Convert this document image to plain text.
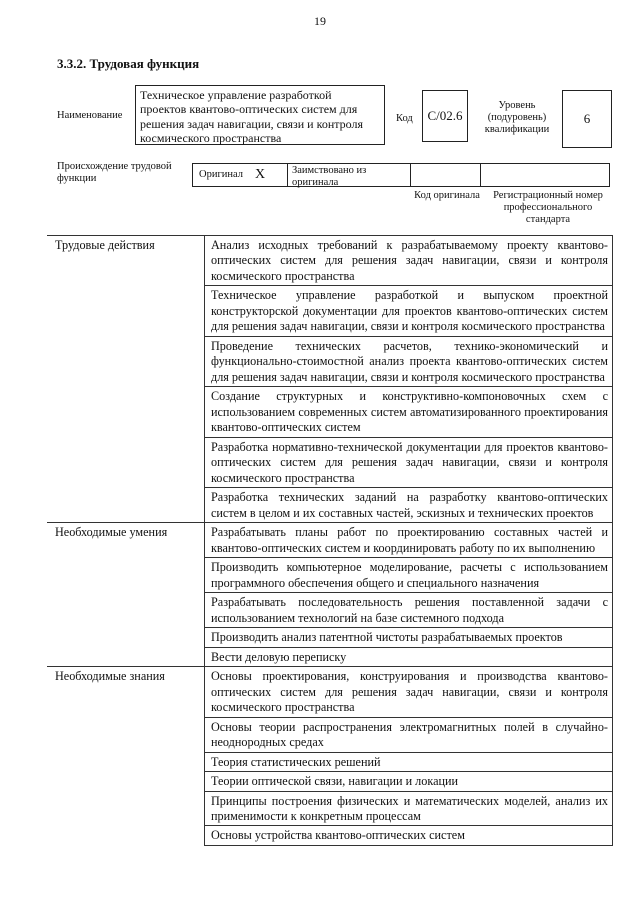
19
3.3.2. Трудовая функция
Наименование
Техническое управление разработкой проектов квантово-оптических систем для решения задач навигации, связи и контроля космического пространства
Код С/02.6
Уровень (подуровень) квалификации
6
Происхождение трудовой функции	Оригинал X	Заимствовано из оригинала
Код оригинала	Регистрационный номер профессионального стандарта
Трудовые действия	Анализ исходных требований к разрабатываемому проекту квантово-оптических систем для решения задач навигации, связи и контроля космического пространства
	Техническое управление разработкой и выпуском проектной конструкторской документации для проектов квантово-оптических систем для решения задач навигации, связи и контроля космического пространства
	Проведение технических расчетов, технико-экономический и функционально-стоимостной анализ проекта квантово-оптических систем для решения задач навигации, связи и контроля космического пространства
	Создание структурных и конструктивно-компоновочных схем с использованием современных систем автоматизированного проектирования квантово-оптических систем
	Разработка нормативно-технической документации для проектов квантово-оптических систем для решения задач навигации, связи и контроля космического пространства
	Разработка технических заданий на разработку квантово-оптических систем в целом и их составных частей, эскизных и технических проектов
Необходимые умения	Разрабатывать планы работ по проектированию составных частей и квантово-оптических систем и координировать работу по их выполнению
	Производить компьютерное моделирование, расчеты с использованием программного обеспечения общего и специального назначения
	Разрабатывать последовательность решения поставленной задачи с использованием технологий на базе системного подхода
	Производить анализ патентной чистоты разрабатываемых проектов
	Вести деловую переписку
Необходимые знания	Основы проектирования, конструирования и производства квантово-оптических систем для решения задач навигации, связи и контроля космического пространства
	Основы теории распространения электромагнитных полей в случайно-неоднородных средах
	Теория статистических решений
	Теории оптической связи, навигации и локации
	Принципы построения физических и математических моделей, анализ их применимости к конкретным процессам
	Основы устройства квантово-оптических систем
